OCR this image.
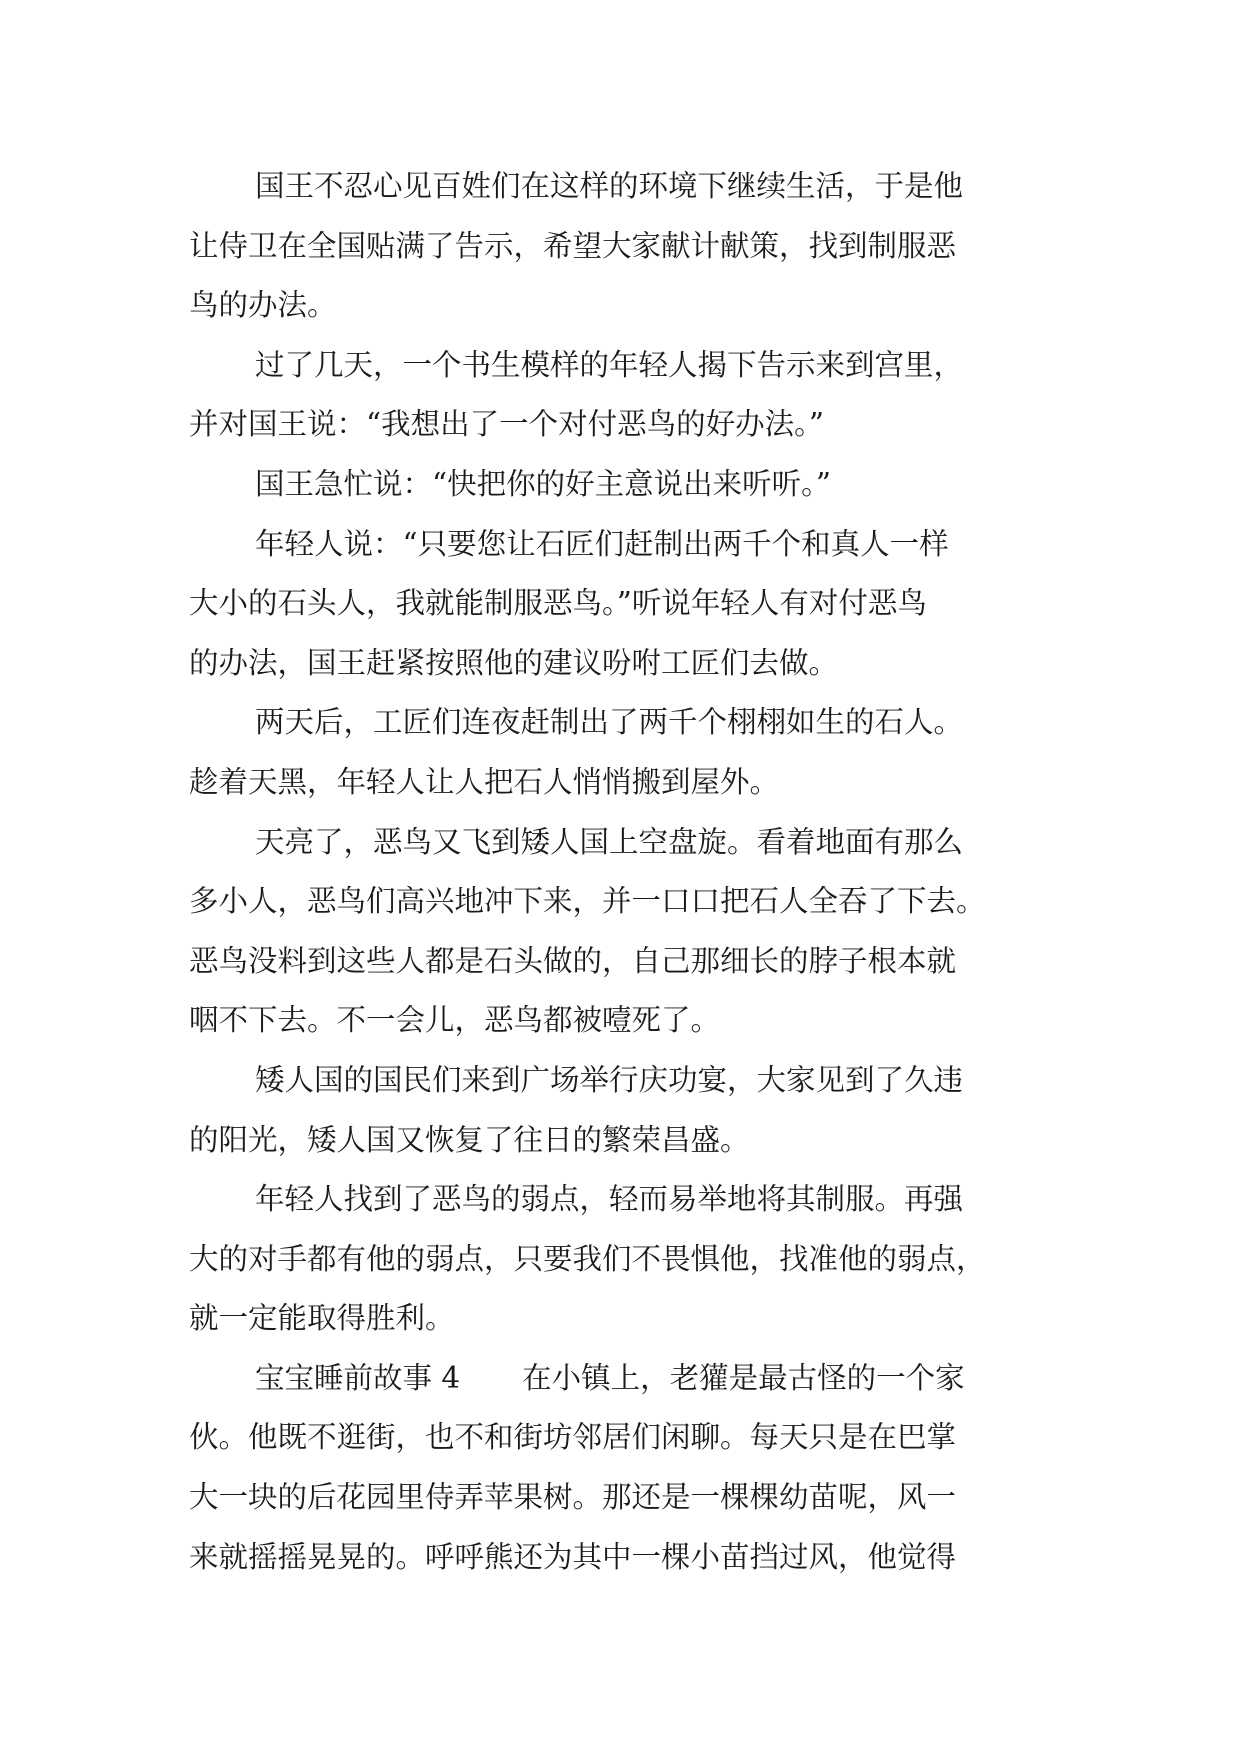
国王不忍心见百姓们在这样的环境下继续生活，于是他
让侍卫在全国贴满了告示，希望大家献计献策，找到制服恶
鸟的办法。
过了几天，一个书生模样的年轻人揭下告示来到宫里，
并对国王说：“我想出了一个对付恶鸟的好办法。”
国王急忙说：“快把你的好主意说出来听听。”
年轻人说：“只要您让石匠们赶制出两千个和真人一样
大小的石头人，我就能制服恶鸟。”听说年轻人有对付恶鸟
的办法，国王赶紧按照他的建议吩咐工匠们去做。
两天后，工匠们连夜赶制出了两千个栩栩如生的石人。
趁着天黑，年轻人让人把石人悄悄搬到屋外。
天亮了，恶鸟又飞到矮人国上空盘旋。看着地面有那么
多小人，恶鸟们高兴地冲下来，并一口口把石人全吞了下去。
恶鸟没料到这些人都是石头做的，自己那细长的脖子根本就
咽不下去。不一会儿，恶鸟都被噎死了。
矮人国的国民们来到广场举行庆功宴，大家见到了久违
的阳光，矮人国又恢复了往日的繁荣昌盛。
年轻人找到了恶鸟的弱点，轻而易举地将其制服。再强
大的对手都有他的弱点，只要我们不畏惧他，找准他的弱点，
就一定能取得胜利。
宝宝睡前故事 4 在小镇上，老獾是最古怪的一个家
伙。他既不逛街，也不和街坊邻居们闲聊。每天只是在巴掌
大一块的后花园里侍弄苹果树。那还是一棵棵幼苗呢，风一
来就摇摇晃晃的。呼呼熊还为其中一棵小苗挡过风，他觉得
